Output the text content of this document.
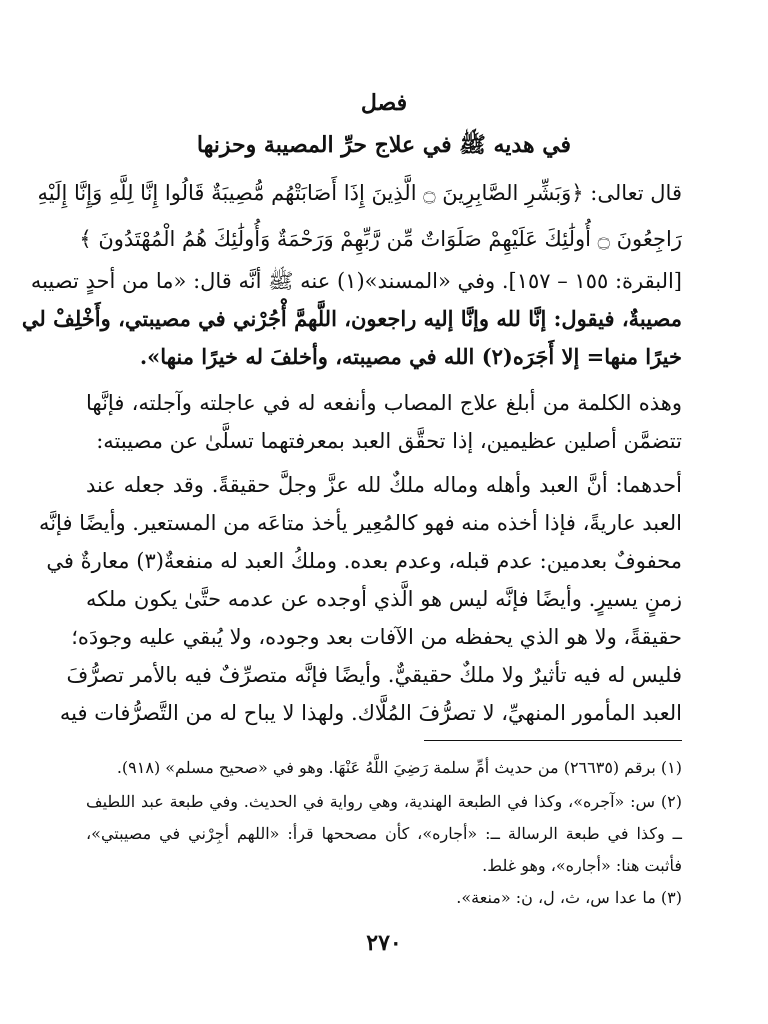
فصل
في هديه ﷺ في علاج حرِّ المصيبة وحزنها
قال تعالى: ﴿وَبَشِّرِ الصَّابِرِينَ ۝ الَّذِينَ إِذَا أَصَابَتْهُم مُّصِيبَةٌ قَالُوا إِنَّا لِلَّهِ وَإِنَّا إِلَيْهِ
رَاجِعُونَ ۝ أُولَٰئِكَ عَلَيْهِمْ صَلَوَاتٌ مِّن رَّبِّهِمْ وَرَحْمَةٌ وَأُولَٰئِكَ هُمُ الْمُهْتَدُونَ ﴾
[البقرة: ١٥٥ – ١٥٧]. وفي «المسند»(١) عنه ﷺ أنَّه قال: «ما من أحدٍ تصيبه
مصيبةٌ، فيقول: إنَّا لله وإنَّا إليه راجعون، اللَّهمَّ أْجُرْني في مصيبتي، وأَخْلِفْ لي
خيرًا منها= إلا أَجَرَه(٢) الله في مصيبته، وأخلفَ له خيرًا منها».
وهذه الكلمة من أبلغ علاج المصاب وأنفعه له في عاجلته وآجلته، فإنَّها
تتضمَّن أصلين عظيمين، إذا تحقَّق العبد بمعرفتهما تسلَّىٰ عن مصيبته:
أحدهما: أنَّ العبد وأهله وماله ملكٌ لله عزَّ وجلَّ حقيقةً. وقد جعله عند
العبد عاريةً، فإذا أخذه منه فهو كالمُعِير يأخذ متاعَه من المستعير. وأيضًا فإنَّه
محفوفٌ بعدمين: عدم قبله، وعدم بعده. وملكُ العبد له منفعةٌ(٣) معارةٌ في
زمنٍ يسيرٍ. وأيضًا فإنَّه ليس هو الَّذي أوجده عن عدمه حتَّىٰ يكون ملكه
حقيقةً، ولا هو الذي يحفظه من الآفات بعد وجوده، ولا يُبقي عليه وجودَه؛
فليس له فيه تأثيرٌ ولا ملكٌ حقيقيٌّ. وأيضًا فإنَّه متصرِّفٌ فيه بالأمر تصرُّفَ
العبد المأمور المنهيِّ، لا تصرُّفَ المُلَّاك. ولهذا لا يباح له من التَّصرُّفات فيه
(١) برقم (٢٦٦٣٥) من حديث أمِّ سلمة رَضِيَ اللَّهُ عَنْهَا. وهو في «صحيح مسلم» (٩١٨).
(٢) س: «آجره»، وكذا في الطبعة الهندية، وهي رواية في الحديث. وفي طبعة عبد اللطيف
ــ وكذا في طبعة الرسالة ــ: «أجاره»، كأن مصححها قرأ: «اللهم أجِرْني في مصيبتي»،
فأثبت هنا: «أجاره»، وهو غلط.
(٣) ما عدا س، ث، ل، ن: «منعة».
٢٧٠
